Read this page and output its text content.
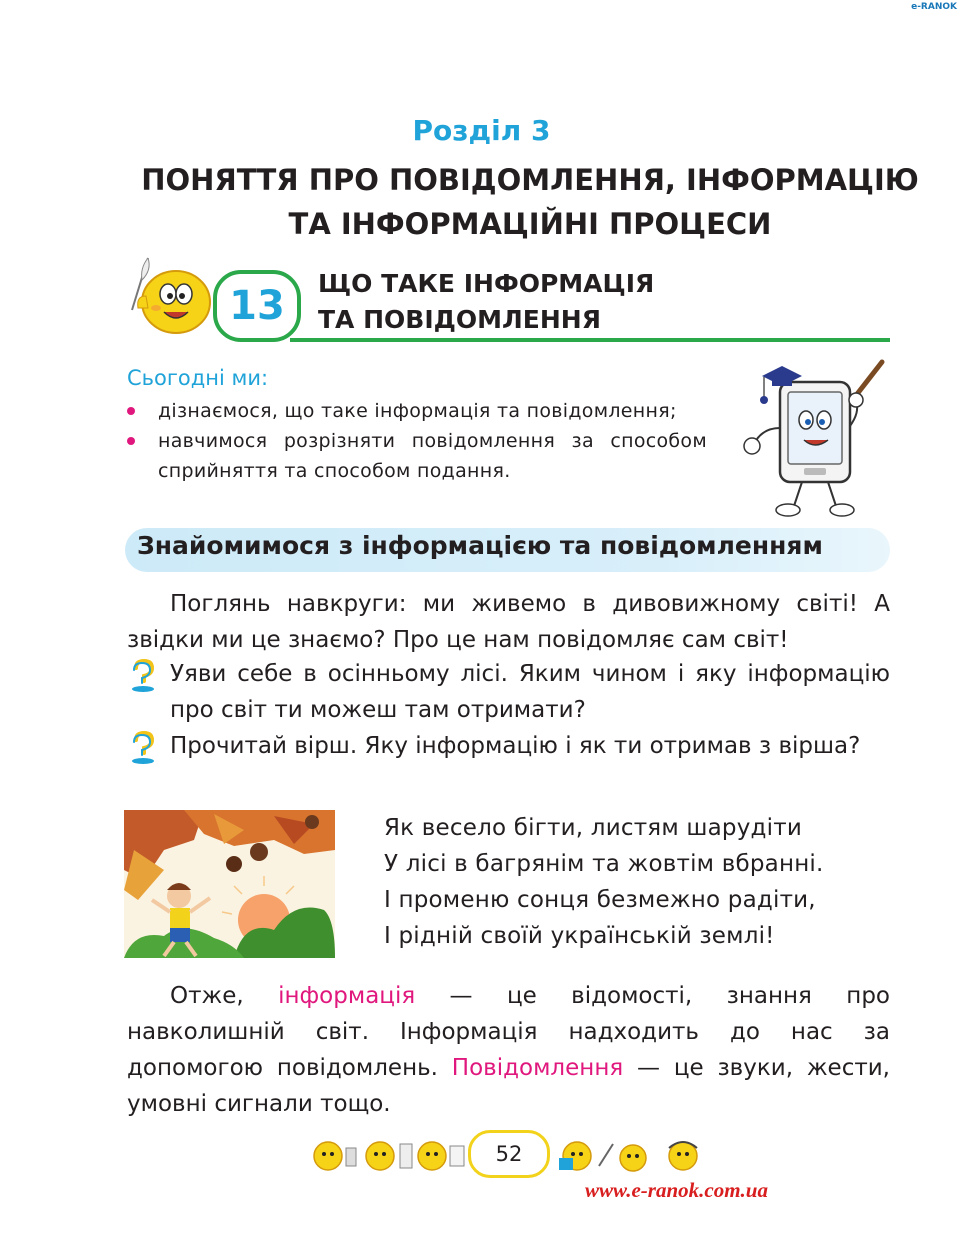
e-RANOK
Розділ 3
ПОНЯТТЯ ПРО ПОВІДОМЛЕННЯ, ІНФОРМАЦІЮ
ТА ІНФОРМАЦІЙНІ ПРОЦЕСИ
13	ЩО ТАКЕ ІНФОРМАЦІЯ
ТА ПОВІДОМЛЕННЯ
Сьогодні ми:
дізнаємося, що таке інформація та повідомлення;
навчимося розрізняти повідомлення за способом сприйняття та способом подання.
Знайомимося з інформацією та повідомленням
Поглянь навкруги: ми живемо в дивовижному світі! А звідки ми це знаємо? Про це нам повідомляє сам світ!
Уяви себе в осінньому лісі. Яким чином і яку інформацію про світ ти можеш там отримати?
Прочитай вірш. Яку інформацію і як ти отримав з вірша?
Як весело бігти, листям шарудіти
У лісі в багрянім та жовтім вбранні.
І променю сонця безмежно радіти,
І рідній своїй українській землі!
Отже, інформація — це відомості, знання про навколишній світ. Інформація надходить до нас за допомогою повідомлень. Повідомлення — це звуки, жести, умовні сигнали тощо.
52
www.e-ranok.com.ua
